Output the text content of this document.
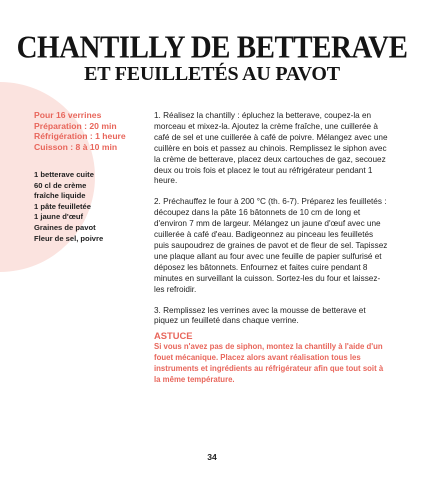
CHANTILLY DE BETTERAVE
ET FEUILLETÉS AU PAVOT
Pour 16 verrines
Préparation : 20 min
Réfrigération : 1 heure
Cuisson : 8 à 10 min
1 betterave cuite
60 cl de crème
fraîche liquide
1 pâte feuilletée
1 jaune d'œuf
Graines de pavot
Fleur de sel, poivre

1. Réalisez la chantilly : épluchez la betterave, coupez-la en morceau et mixez-la. Ajoutez la crème fraîche, une cuillerée à café de sel et une cuillerée à café de poivre. Mélangez avec une cuillère en bois et passez au chinois. Remplissez le siphon avec la crème de betterave, placez deux cartouches de gaz, secouez deux ou trois fois et placez le tout au réfrigérateur pendant 1 heure.

2. Préchauffez le four à 200 °C (th. 6-7). Préparez les feuilletés : découpez dans la pâte 16 bâtonnets de 10 cm de long et d'environ 7 mm de largeur. Mélangez un jaune d'œuf avec une cuillerée à café d'eau. Badigeonnez au pinceau les feuilletés puis saupoudrez de graines de pavot et de fleur de sel. Tapissez une plaque allant au four avec une feuille de papier sulfurisé et déposez les bâtonnets. Enfournez et faites cuire pendant 8 minutes en surveillant la cuisson. Sortez-les du four et laissez-les refroidir.

3. Remplissez les verrines avec la mousse de betterave et piquez un feuilleté dans chaque verrine.

ASTUCE
Si vous n'avez pas de siphon, montez la chantilly à l'aide d'un fouet mécanique. Placez alors avant réalisation tous les instruments et ingrédients au réfrigérateur afin que tout soit à la même température.
34
